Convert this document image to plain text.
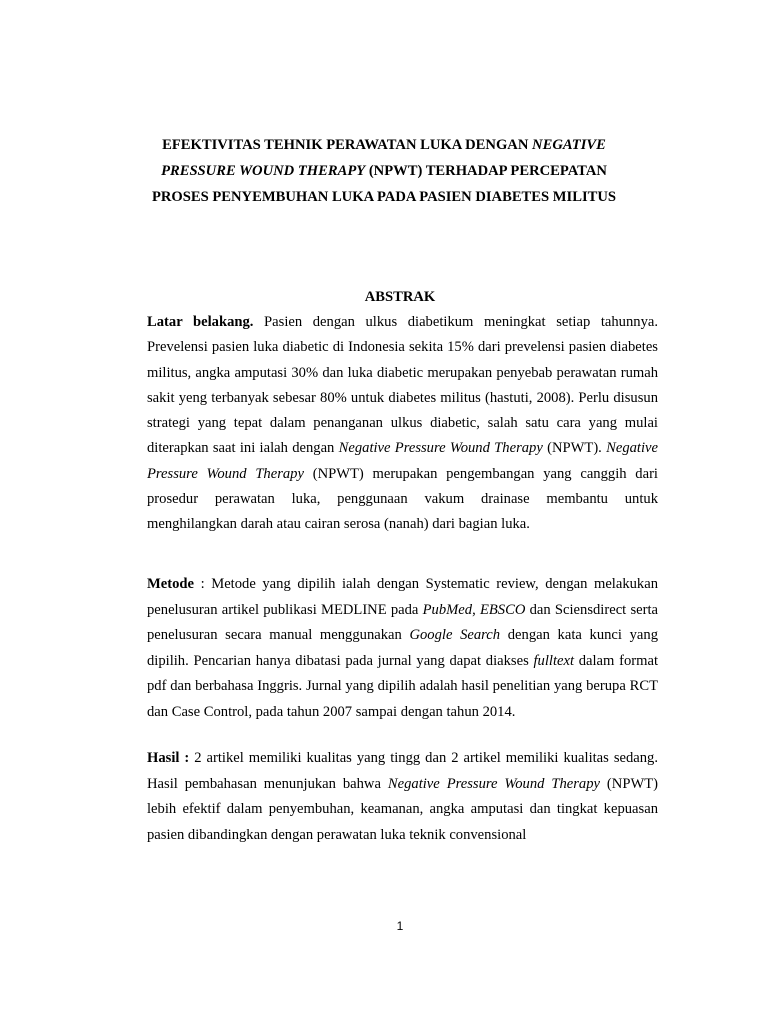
EFEKTIVITAS TEHNIK PERAWATAN LUKA DENGAN NEGATIVE
PRESSURE WOUND THERAPY (NPWT) TERHADAP PERCEPATAN
PROSES PENYEMBUHAN LUKA PADA PASIEN DIABETES MILITUS
ABSTRAK

Latar belakang. Pasien dengan ulkus diabetikum meningkat setiap tahunnya. Prevelensi pasien luka diabetic di Indonesia sekita 15% dari prevelensi pasien diabetes militus, angka amputasi 30% dan luka diabetic merupakan penyebab perawatan rumah sakit yeng terbanyak sebesar 80% untuk diabetes militus (hastuti, 2008). Perlu disusun strategi yang tepat dalam penanganan ulkus diabetic, salah satu cara yang mulai diterapkan saat ini ialah dengan Negative Pressure Wound Therapy (NPWT). Negative Pressure Wound Therapy (NPWT) merupakan pengembangan yang canggih dari prosedur perawatan luka, penggunaan vakum drainase membantu untuk menghilangkan darah atau cairan serosa (nanah) dari bagian luka.

Metode : Metode yang dipilih ialah dengan Systematic review, dengan melakukan penelusuran artikel publikasi MEDLINE pada PubMed, EBSCO dan Sciensdirect serta penelusuran secara manual menggunakan Google Search dengan kata kunci yang dipilih. Pencarian hanya dibatasi pada jurnal yang dapat diakses fulltext dalam format pdf dan berbahasa Inggris. Jurnal yang dipilih adalah hasil penelitian yang berupa RCT dan Case Control, pada tahun 2007 sampai dengan tahun 2014.

Hasil : 2 artikel memiliki kualitas yang tingg dan 2 artikel memiliki kualitas sedang. Hasil pembahasan menunjukan bahwa Negative Pressure Wound Therapy (NPWT) lebih efektif dalam penyembuhan, keamanan, angka amputasi dan tingkat kepuasan pasien dibandingkan dengan perawatan luka teknik convensional

1
